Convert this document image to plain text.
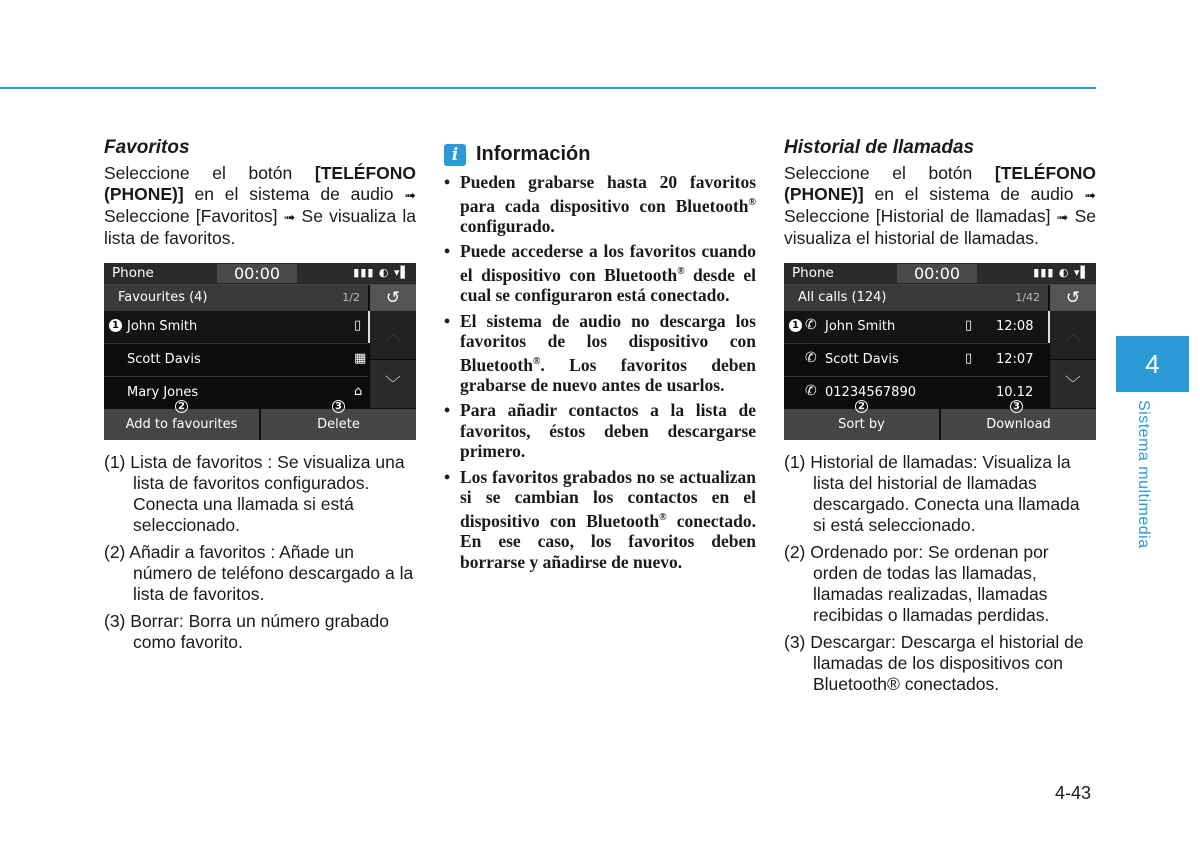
Favoritos

Seleccione el botón [TELÉFONO (PHONE)] en el sistema de audio ➟ Seleccione [Favoritos] ➟ Se visualiza la lista de favoritos.

Phone	00:00	▮▮▮ ◐ ▾▌
Favourites (4)	1/2	↺
John Smith	▯
Scott Davis	▦
Mary Jones	⌂
︿
﹀
Add to favourites	Delete
1
2	3
(1) Lista de favoritos : Se visualiza una lista de favoritos configurados. Conecta una llamada si está seleccionado.
(2) Añadir a favoritos : Añade un número de teléfono descargado a la lista de favoritos.
(3) Borrar: Borra un número grabado como favorito.
i Información
• Pueden grabarse hasta 20 favoritos para cada dispositivo con Bluetooth® configurado.
• Puede accederse a los favoritos cuando el dispositivo con Bluetooth® desde el cual se configuraron está conectado.
• El sistema de audio no descarga los favoritos de los dispositivo con Bluetooth®. Los favoritos deben grabarse de nuevo antes de usarlos.
• Para añadir contactos a la lista de favoritos, éstos deben descargarse primero.
• Los favoritos grabados no se actualizan si se cambian los contactos en el dispositivo con Bluetooth® conectado. En ese caso, los favoritos deben borrarse y añadirse de nuevo.
Historial de llamadas

Seleccione el botón [TELÉFONO (PHONE)] en el sistema de audio ➟ Seleccione [Historial de llamadas] ➟ Se visualiza el historial de llamadas.

Phone	00:00	▮▮▮ ◐ ▾▌
All calls (124)	1/42	↺
✆ John Smith	▯ 12:08
✆ Scott Davis	▯ 12:07
✆ 01234567890	10.12
︿
﹀
Sort by	Download
1
2	3
(1) Historial de llamadas: Visualiza la lista del historial de llamadas descargado. Conecta una llamada si está seleccionado.
(2) Ordenado por: Se ordenan por orden de todas las llamadas, llamadas realizadas, llamadas recibidas o llamadas perdidas.
(3) Descargar: Descarga el historial de llamadas de los dispositivos con Bluetooth® conectados.
4
Sistema multimedia
4-43
